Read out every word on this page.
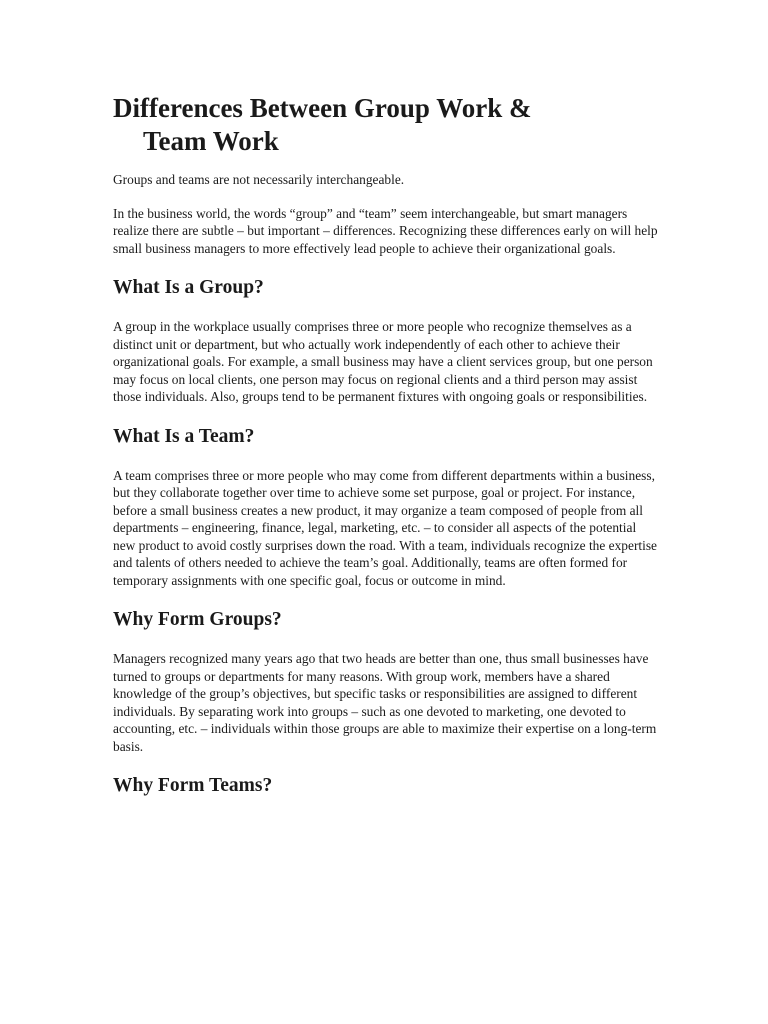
Differences Between Group Work &
Team Work

Groups and teams are not necessarily interchangeable.

In the business world, the words “group” and “team” seem interchangeable, but smart managers realize there are subtle – but important – differences. Recognizing these differences early on will help small business managers to more effectively lead people to achieve their organizational goals.

What Is a Group?

A group in the workplace usually comprises three or more people who recognize themselves as a distinct unit or department, but who actually work independently of each other to achieve their organizational goals. For example, a small business may have a client services group, but one person may focus on local clients, one person may focus on regional clients and a third person may assist those individuals. Also, groups tend to be permanent fixtures with ongoing goals or responsibilities.

What Is a Team?

A team comprises three or more people who may come from different departments within a business, but they collaborate together over time to achieve some set purpose, goal or project. For instance, before a small business creates a new product, it may organize a team composed of people from all departments – engineering, finance, legal, marketing, etc. – to consider all aspects of the potential new product to avoid costly surprises down the road. With a team, individuals recognize the expertise and talents of others needed to achieve the team’s goal. Additionally, teams are often formed for temporary assignments with one specific goal, focus or outcome in mind.

Why Form Groups?

Managers recognized many years ago that two heads are better than one, thus small businesses have turned to groups or departments for many reasons. With group work, members have a shared knowledge of the group’s objectives, but specific tasks or responsibilities are assigned to different individuals. By separating work into groups – such as one devoted to marketing, one devoted to accounting, etc. – individuals within those groups are able to maximize their expertise on a long-term basis.

Why Form Teams?
